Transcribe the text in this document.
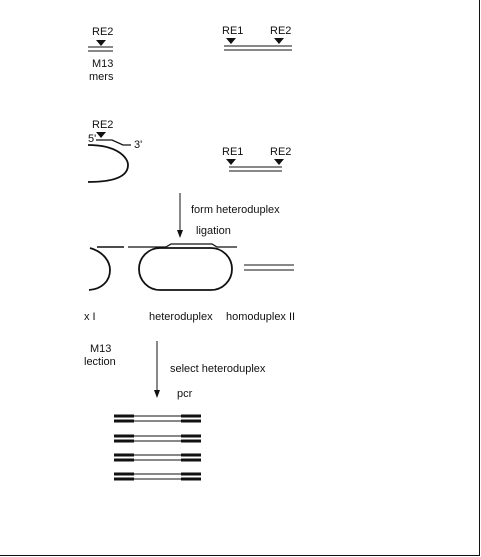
RE2
M13
mers
RE1 RE2
RE2
5'	3'
RE1 RE2
form heteroduplex
ligation
x I	heteroduplex homoduplex II
M13
lection
select heteroduplex
pcr
